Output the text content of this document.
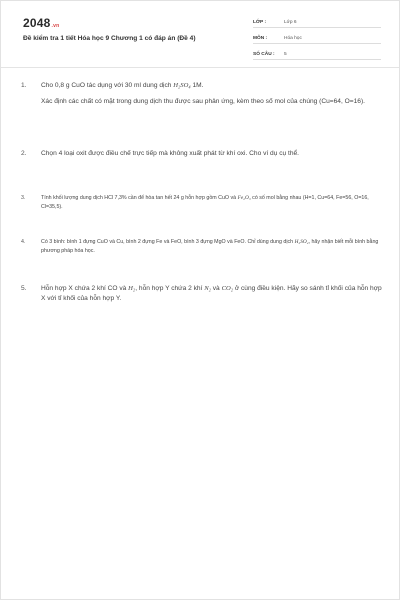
2048.vn
Đề kiểm tra 1 tiết Hóa học 9 Chương 1 có đáp án (Đề 4)
LỚP :	Lớp 6
MÔN :	Hóa học
SỐ CÂU :	5
1.	Cho 0,8 g CuO tác dụng với 30 ml dung dịch H₂SO₄ 1M.

Xác định các chất có mặt trong dung dịch thu được sau phản ứng, kèm theo số mol của chúng (Cu=64, O=16).

2.	Chọn 4 loại oxit được điều chế trực tiếp mà không xuất phát từ khí oxi. Cho ví dụ cụ thể.
3.	Tính khối lượng dung dịch HCl 7,3% cần để hòa tan hết 24 g hỗn hợp gồm CuO và Fe₂O₃ có số mol bằng nhau (H=1, Cu=64, Fe=56, O=16, Cl=35,5).
4.	Có 3 bình: bình 1 đựng CuO và Cu, bình 2 đựng Fe và FeO, bình 3 đựng MgO và FeO. Chỉ dùng dung dịch H₂SO₄, hãy nhận biết mỗi bình bằng phương pháp hóa học.
5.	Hỗn hợp X chứa 2 khí CO và H₂, hỗn hợp Y chứa 2 khí N₂ và CO₂ ở cùng điều kiện. Hãy so sánh tỉ khối của hỗn hợp X với tỉ khối của hỗn hợp Y.
